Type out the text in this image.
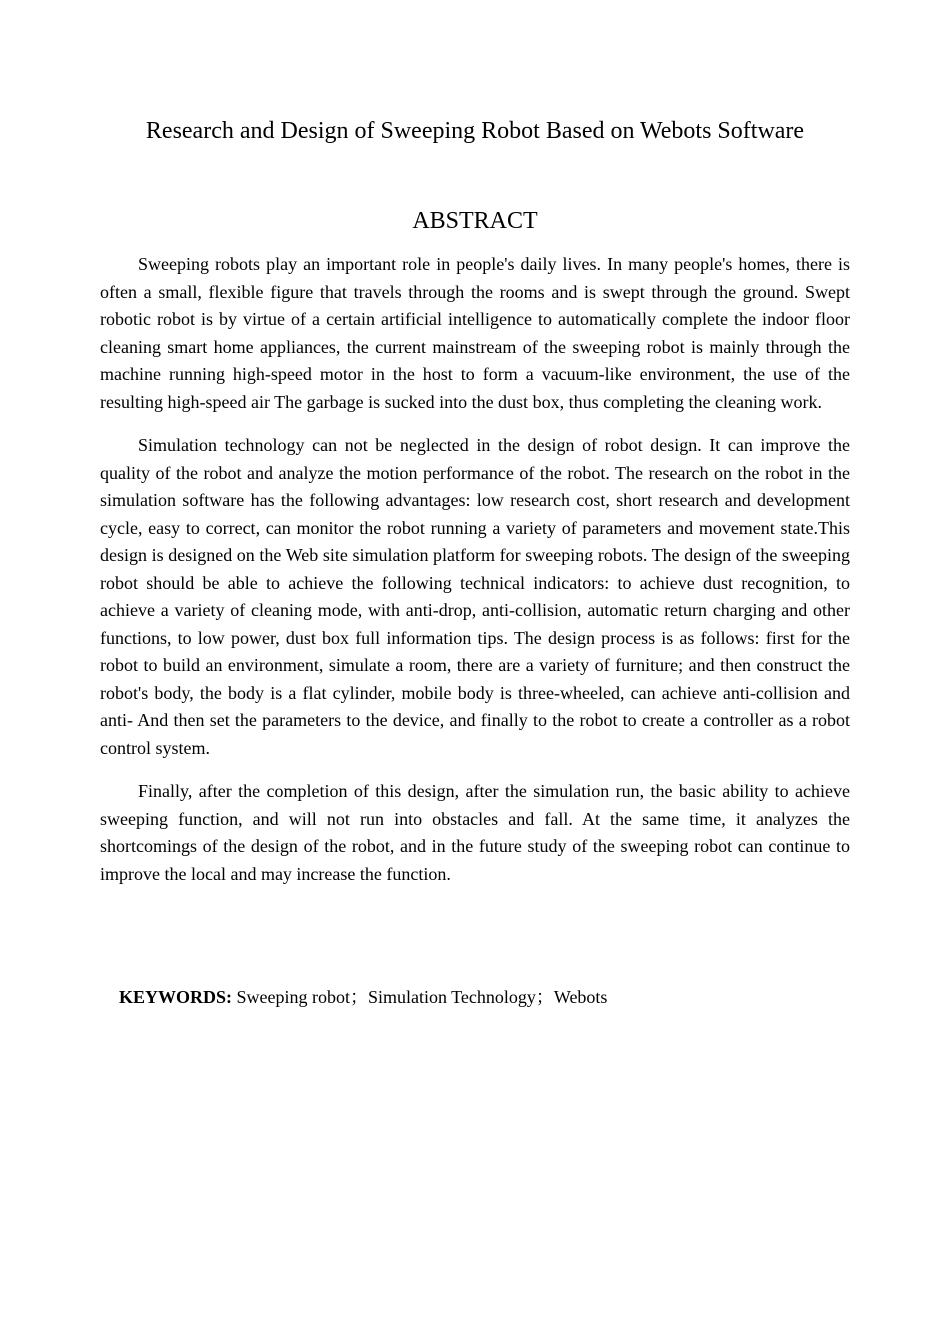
Research and Design of Sweeping Robot Based on Webots Software
ABSTRACT

Sweeping robots play an important role in people's daily lives. In many people's homes, there is often a small, flexible figure that travels through the rooms and is swept through the ground. Swept robotic robot is by virtue of a certain artificial intelligence to automatically complete the indoor floor cleaning smart home appliances, the current mainstream of the sweeping robot is mainly through the machine running high-speed motor in the host to form a vacuum-like environment, the use of the resulting high-speed air The garbage is sucked into the dust box, thus completing the cleaning work.

Simulation technology can not be neglected in the design of robot design. It can improve the quality of the robot and analyze the motion performance of the robot. The research on the robot in the simulation software has the following advantages: low research cost, short research and development cycle, easy to correct, can monitor the robot running a variety of parameters and movement state.This design is designed on the Web site simulation platform for sweeping robots. The design of the sweeping robot should be able to achieve the following technical indicators: to achieve dust recognition, to achieve a variety of cleaning mode, with anti-drop, anti-collision, automatic return charging and other functions, to low power, dust box full information tips. The design process is as follows: first for the robot to build an environment, simulate a room, there are a variety of furniture; and then construct the robot's body, the body is a flat cylinder, mobile body is three-wheeled, can achieve anti-collision and anti- And then set the parameters to the device, and finally to the robot to create a controller as a robot control system.

Finally, after the completion of this design, after the simulation run, the basic ability to achieve sweeping function, and will not run into obstacles and fall. At the same time, it analyzes the shortcomings of the design of the robot, and in the future study of the sweeping robot can continue to improve the local and may increase the function.

KEYWORDS: Sweeping robot；Simulation Technology；Webots
